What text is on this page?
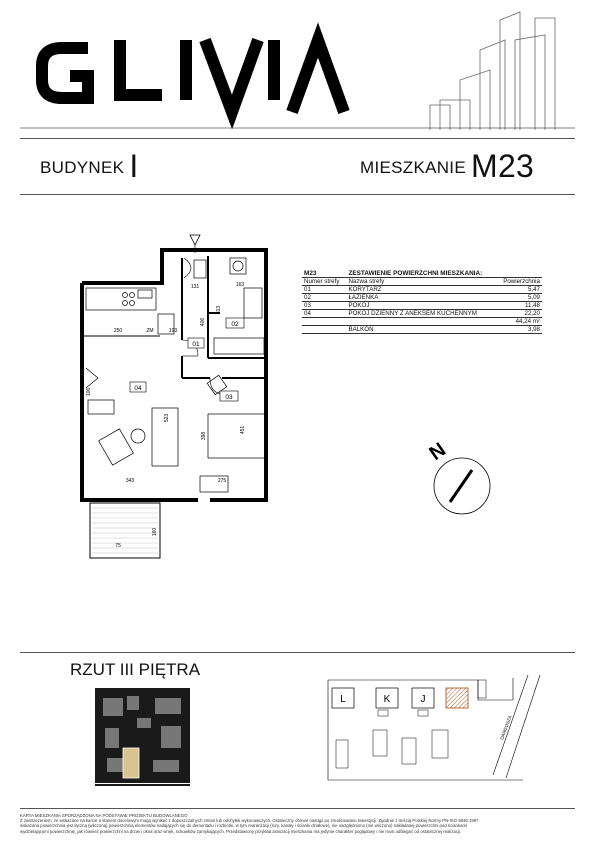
BUDYNEK I	MIESZKANIE M23
01
02
03
04
250	193
131	163
313
406
106
523
398
451
343	275
75
160
ZM
M23	ZESTAWIENIE POWIERZCHNI MIESZKANIA:	
Numer strefy	Nazwa strefy	Powierzchnia
01	KORYTARZ	5,47
02	ŁAZIENKA	5,09
03	POKÓJ	11,48
04	POKÓJ DZIENNY Z ANEKSEM KUCHENNYM	22,20
		44,24 m²
	BALKON	3,98
N
RZUT III PIĘTRA
L	K	J
DARGOSZA
KARTA MIESZKANIA SPORZĄDZONA NA PODSTAWIE PROJEKTU BUDOWLANEGO
Z zastrzeżeniem, że wskazane na karcie a stanem docelowym mogą wynikać z dopuszczalnych zmian lub odchyłek wykonawczych. Ostateczny obmiar nastąpi po zrealizowaniu inwestycji. Zgodnie z treścią Polskiej Normy PN-ISO 9836:1997
wskazana powierzchnia jest łączną (wliczoną) powierzchnią elementów nadających się do demontażu i rozbiórki, w tym rearanżacji (rury, kanały i ścianki działowe), nie uwzględniono (nie wliczono) nakładanej powierzchni pod ściankami
wydzielającymi powierzchnię, jak również powierzchni na drzwi i okna oraz wnęk, schowków zamykających. Przedstawiony przykład aranżacji mieszkania ma jedynie charakter poglądowy i nie musi odbiegać od ostatecznej realizacji.
